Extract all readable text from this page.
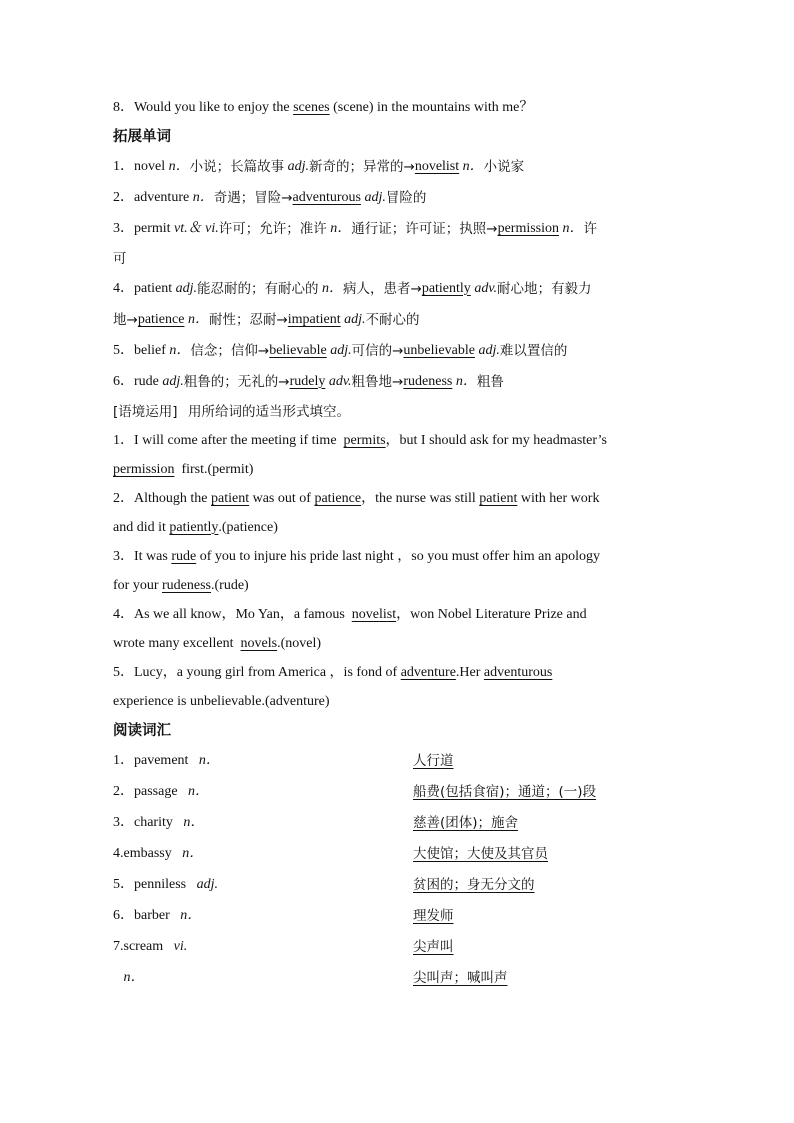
8． Would you like to enjoy the
scenes
(scene) in the mountains with me？
拓展单词
1． novel
n． 小说；长篇故事
adj. 新奇的；异常的→ novelist
n． 小说家
2． adventure
n． 奇遇；冒险→ adventurous
adj. 冒险的
3． permit
vt.＆ vi. 许可；允许；准许
n． 通行证；许可证；执照→ permission
n． 许
可
4． patient
adj. 能忍耐的；有耐心的
n． 病人，患者→ patiently
adv. 耐心地；有毅力
地→ patience
n． 耐性；忍耐→ impatient
adj. 不耐心的
5． belief
n． 信念；信仰→ believable
adj. 可信的→ unbelievable
adj. 难以置信的
6． rude
adj. 粗鲁的；无礼的→ rudely
adv. 粗鲁地→ rudeness
n． 粗鲁
[语境运用]
用所给词的适当形式填空。
1． I will come after the meeting if time
permits ，but I should ask for my headmaster’s
permission
first.(permit)
2． Although the
patient
was out of
patience ，the nurse was still
patient
with her work
and did it
patiently .(patience)
3． It was
rude
of you to injure his pride last night ，so you must offer him an apology
for your
rudeness .(rude)
4． As we all know，Mo Yan，a famous
novelist ，won Nobel Literature Prize and
wrote many excellent
novels .(novel)
5． Lucy，a young girl from America ，is fond of
adventure .Her
adventurous
experience is unbelievable.(adventure)
阅读词汇
1．pavement n．	人行道
2．passage n．	船费(包括食宿)；通道；(一)段
3．charity n．	慈善(团体)；施舍
4.embassy n．	大使馆；大使及其官员
5．penniless adj.	贫困的；身无分文的
6．barber n．	理发师
7.scream vi.	尖声叫
n．	尖叫声；喊叫声
